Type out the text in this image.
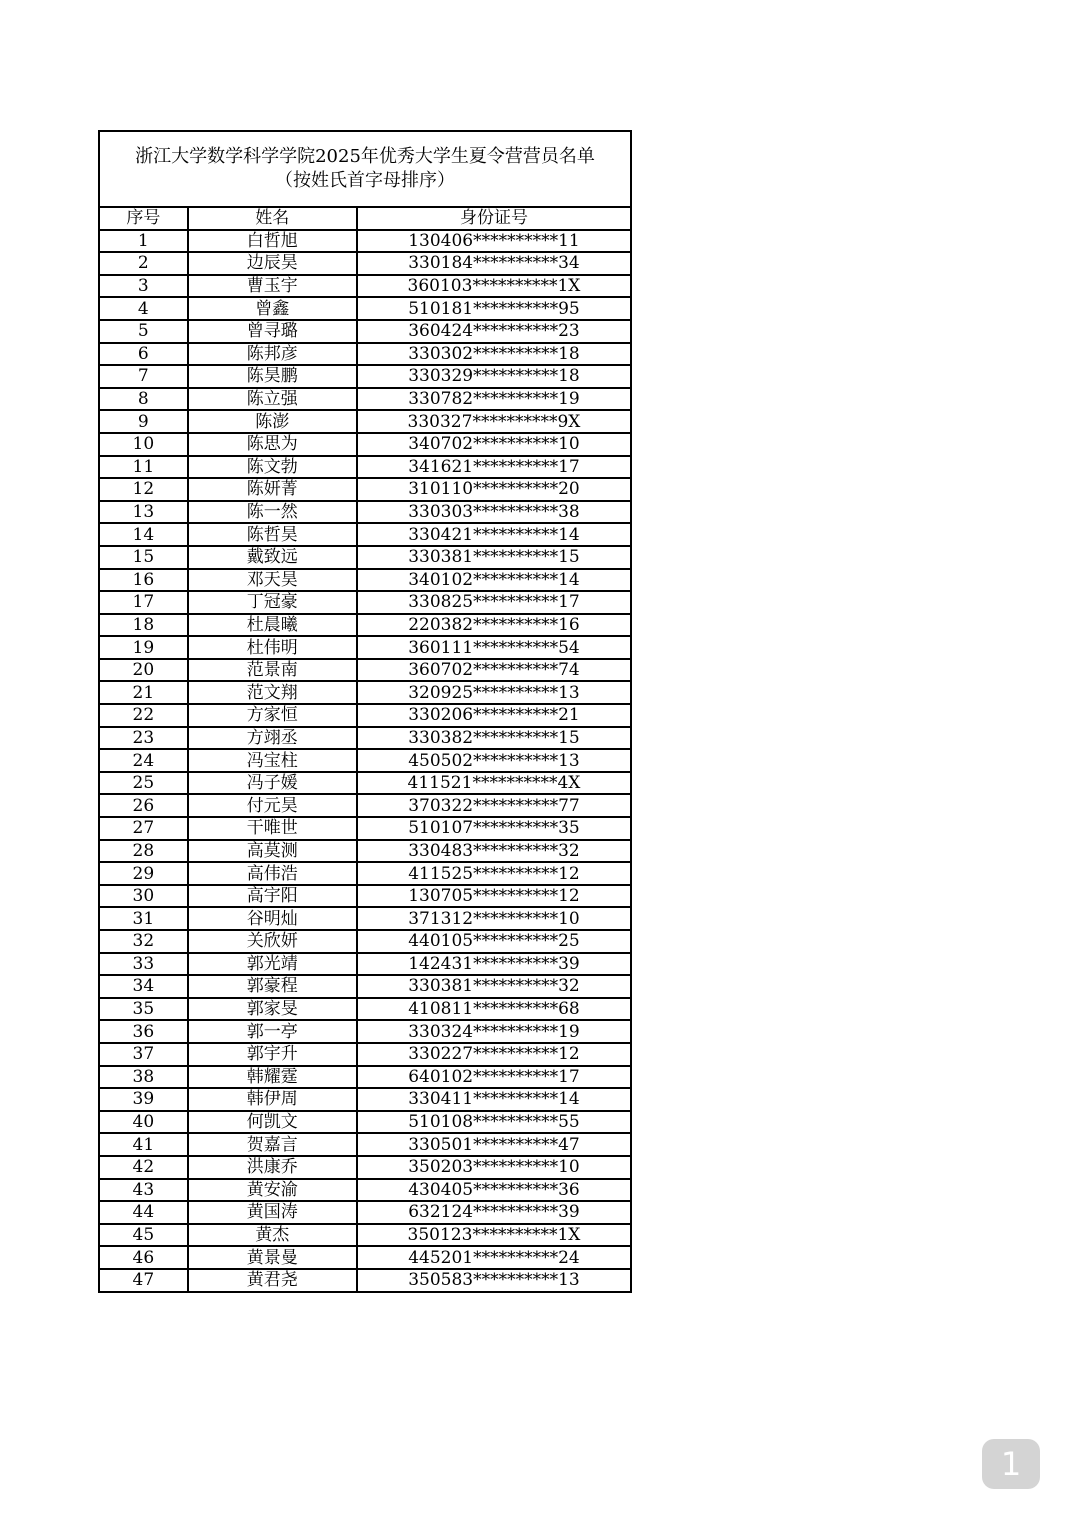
浙江大学数学科学学院2025年优秀大学生夏令营营员名单
（按姓氏首字母排序）		

序号	姓名	身份证号
1	白哲旭	130406**********11
2	边辰昊	330184**********34
3	曹玉宇	360103**********1X
4	曾鑫	510181**********95
5	曾寻璐	360424**********23
6	陈邦彦	330302**********18
7	陈昊鹏	330329**********18
8	陈立强	330782**********19
9	陈澎	330327**********9X
10	陈思为	340702**********10
11	陈文勃	341621**********17
12	陈妍菁	310110**********20
13	陈一然	330303**********38
14	陈哲昊	330421**********14
15	戴致远	330381**********15
16	邓天昊	340102**********14
17	丁冠豪	330825**********17
18	杜晨曦	220382**********16
19	杜伟明	360111**********54
20	范景南	360702**********74
21	范文翔	320925**********13
22	方家恒	330206**********21
23	方翊丞	330382**********15
24	冯宝柱	450502**********13
25	冯子媛	411521**********4X
26	付元昊	370322**********77
27	干唯世	510107**********35
28	高莫测	330483**********32
29	高伟浩	411525**********12
30	高宇阳	130705**********12
31	谷明灿	371312**********10
32	关欣妍	440105**********25
33	郭光靖	142431**********39
34	郭豪程	330381**********32
35	郭家旻	410811**********68
36	郭一亭	330324**********19
37	郭宇升	330227**********12
38	韩耀霆	640102**********17
39	韩伊周	330411**********14
40	何凯文	510108**********55
41	贺嘉言	330501**********47
42	洪康乔	350203**********10
43	黄安渝	430405**********36
44	黄国涛	632124**********39
45	黄杰	350123**********1X
46	黄景曼	445201**********24
47	黄君尧	350583**********13
1
